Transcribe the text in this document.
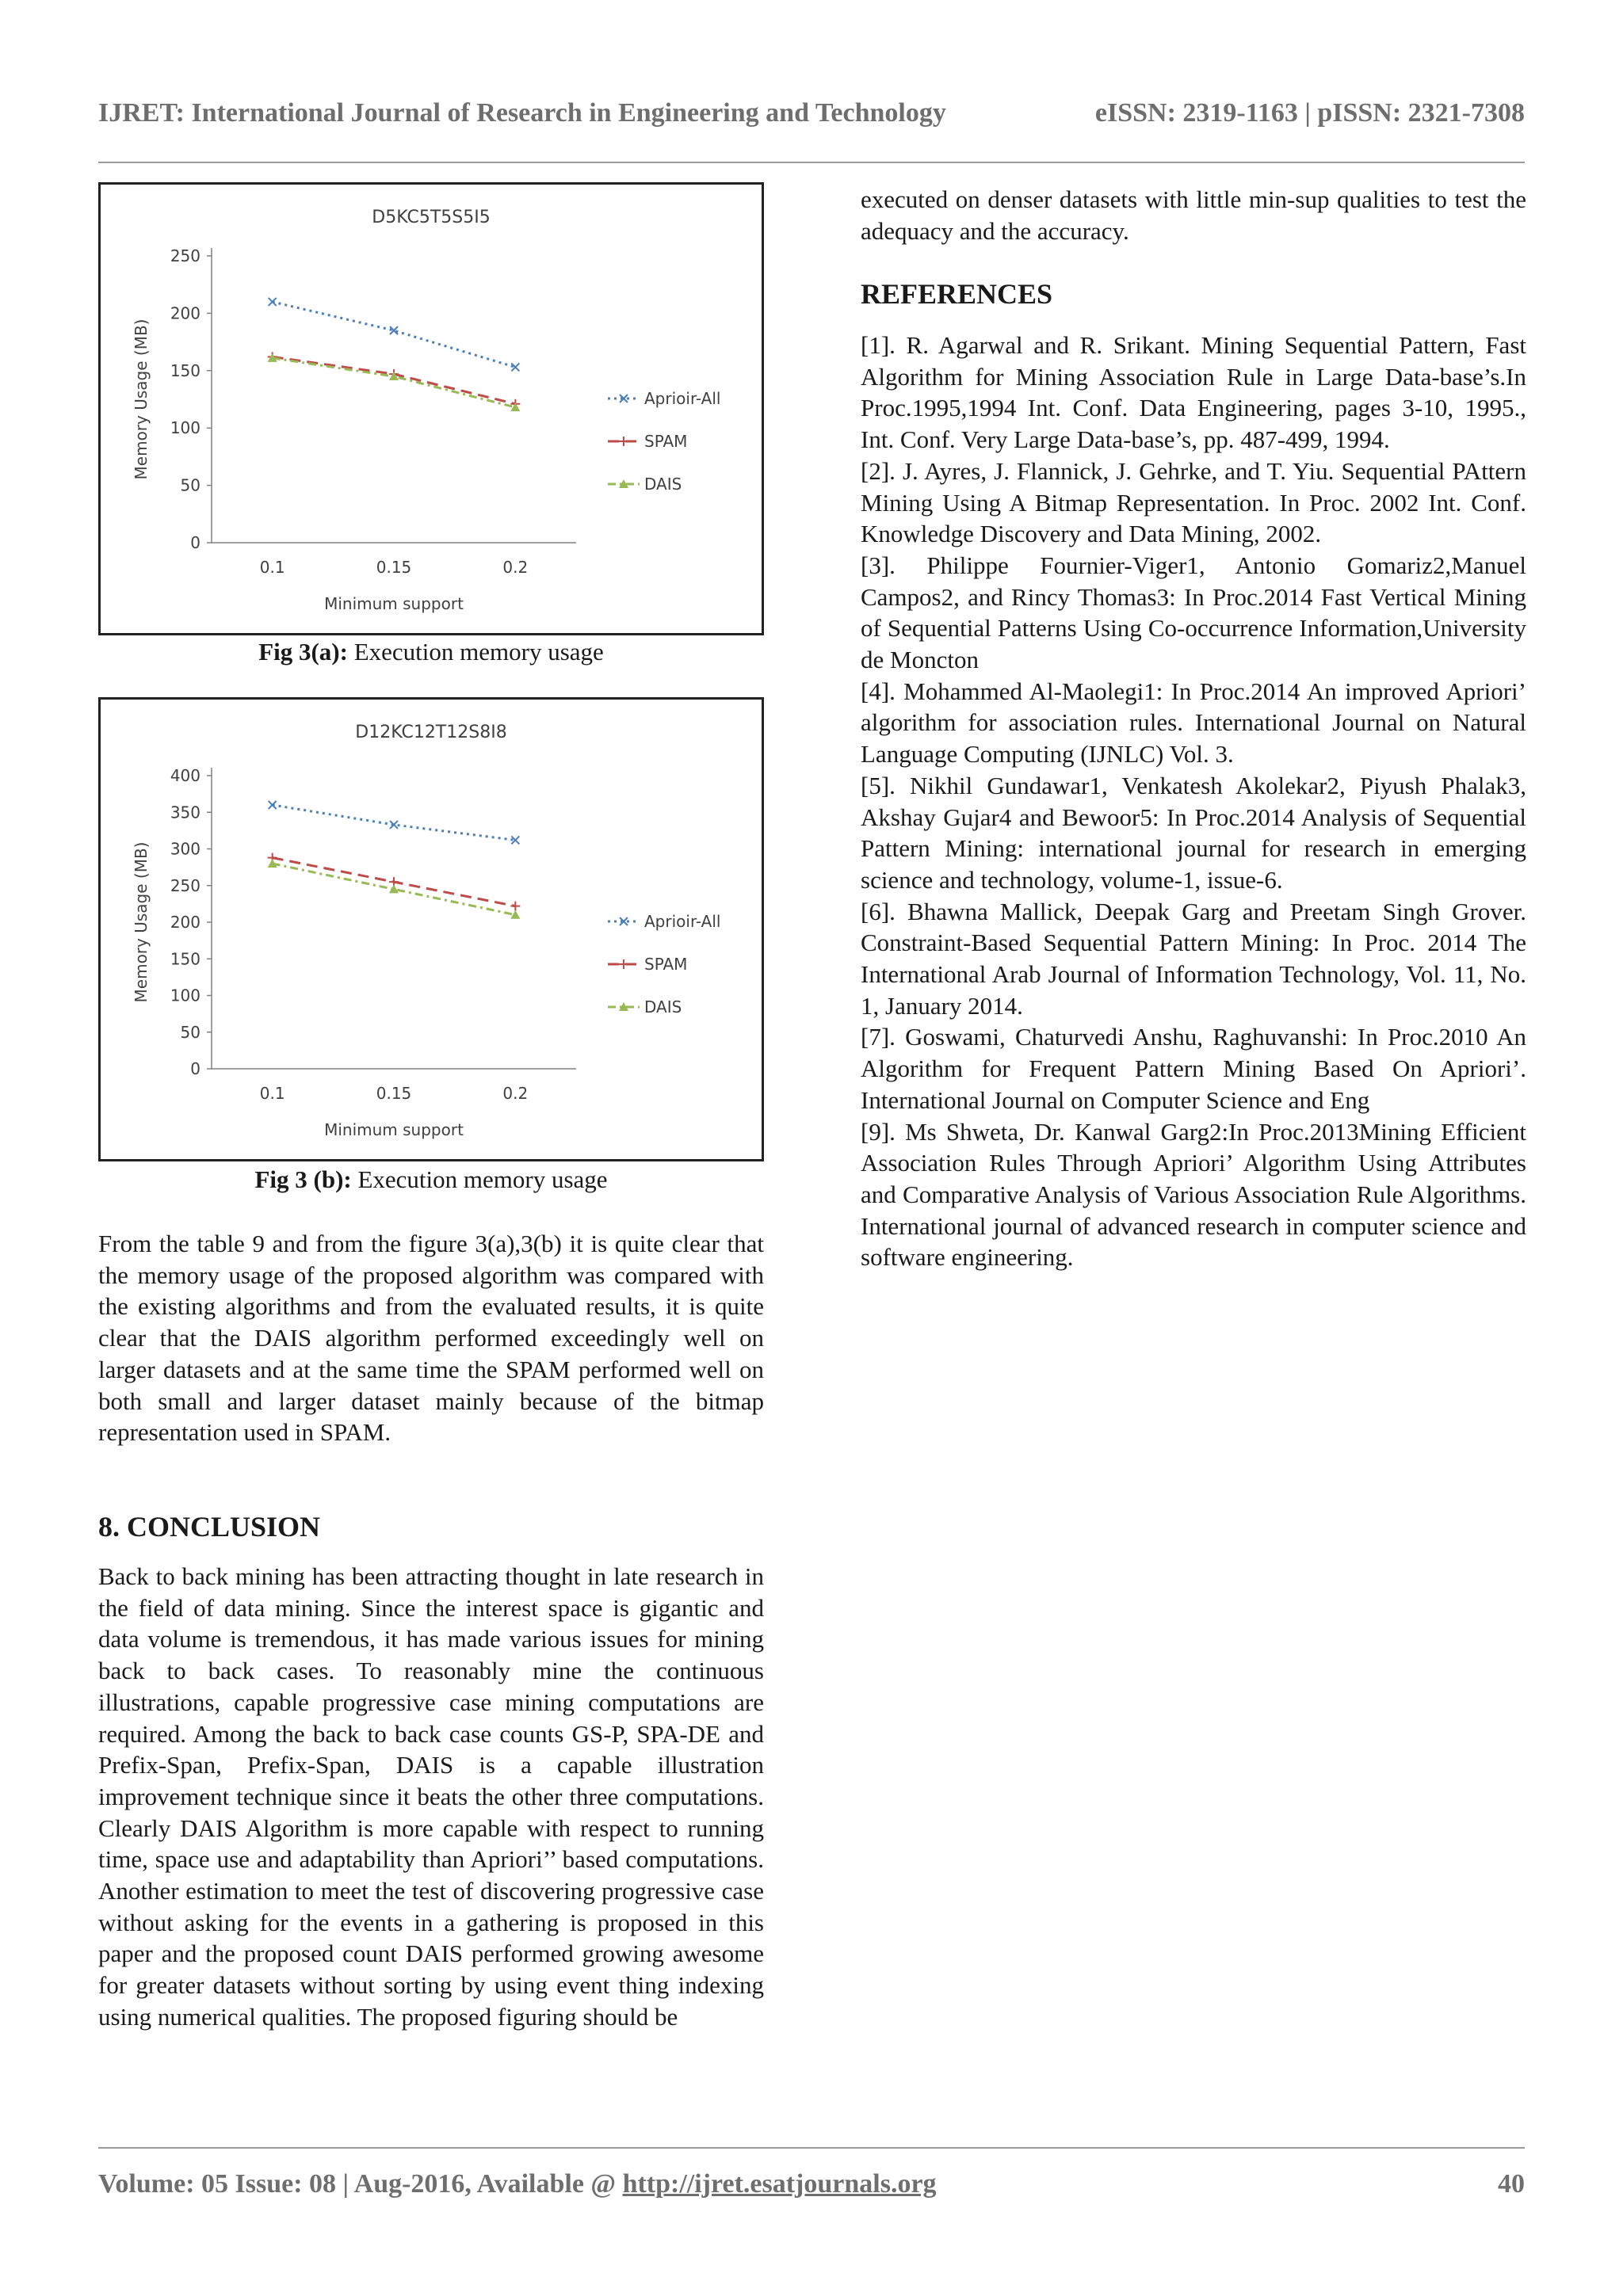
IJRET: International Journal of Research in Engineering and Technology	eISSN: 2319-1163 | pISSN: 2321-7308
D5KC5T5S5I5
0
50
100
150
200
250
0.1	0.15	0.2
Minimum support
Memory Usage (MB)	Aprioir-All
SPAM
DAIS
Fig 3(a): Execution memory usage
D12KC12T12S8I8
0
50
100
150
200
250
300
350
400
0.1	0.15	0.2
Minimum support
Memory Usage (MB)	Aprioir-All
SPAM
DAIS
Fig 3 (b): Execution memory usage

From the table 9 and from the figure 3(a),3(b) it is quite clear that the memory usage of the proposed algorithm was compared with the existing algorithms and from the evaluated results, it is quite clear that the DAIS algorithm performed exceedingly well on larger datasets and at the same time the SPAM performed well on both small and larger dataset mainly because of the bitmap representation used in SPAM.

8. CONCLUSION

Back to back mining has been attracting thought in late research in the field of data mining. Since the interest space is gigantic and data volume is tremendous, it has made various issues for mining back to back cases. To reasonably mine the continuous illustrations, capable progressive case mining computations are required. Among the back to back case counts GS-P, SPA-DE and Prefix-Span, Prefix-Span, DAIS is a capable illustration improvement technique since it beats the other three computations. Clearly DAIS Algorithm is more capable with respect to running time, space use and adaptability than Apriori’’ based computations. Another estimation to meet the test of discovering progressive case without asking for the events in a gathering is proposed in this paper and the proposed count DAIS performed growing awesome for greater datasets without sorting by using event thing indexing using numerical qualities. The proposed figuring should be

executed on denser datasets with little min-sup qualities to test the adequacy and the accuracy.

REFERENCES

[1]. R. Agarwal and R. Srikant. Mining Sequential Pattern, Fast Algorithm for Mining Association Rule in Large Data-base’s.In Proc.1995,1994 Int. Conf. Data Engineering, pages 3-10, 1995., Int. Conf. Very Large Data-base’s, pp. 487-499, 1994.

[2]. J. Ayres, J. Flannick, J. Gehrke, and T. Yiu. Sequential PAttern Mining Using A Bitmap Representation. In Proc. 2002 Int. Conf. Knowledge Discovery and Data Mining, 2002.

[3]. Philippe Fournier-Viger1, Antonio Gomariz2,Manuel Campos2, and Rincy Thomas3: In Proc.2014 Fast Vertical Mining of Sequential Patterns Using Co-occurrence Information,University de Moncton

[4]. Mohammed Al-Maolegi1: In Proc.2014 An improved Apriori’ algorithm for association rules. International Journal on Natural Language Computing (IJNLC) Vol. 3.

[5]. Nikhil Gundawar1, Venkatesh Akolekar2, Piyush Phalak3, Akshay Gujar4 and Bewoor5: In Proc.2014 Analysis of Sequential Pattern Mining: international journal for research in emerging science and technology, volume-1, issue-6.

[6]. Bhawna Mallick, Deepak Garg and Preetam Singh Grover. Constraint-Based Sequential Pattern Mining: In Proc. 2014 The International Arab Journal of Information Technology, Vol. 11, No. 1, January 2014.

[7]. Goswami, Chaturvedi Anshu, Raghuvanshi: In Proc.2010 An Algorithm for Frequent Pattern Mining Based On Apriori’. International Journal on Computer Science and Eng

[9]. Ms Shweta, Dr. Kanwal Garg2:In Proc.2013Mining Efficient Association Rules Through Apriori’ Algorithm Using Attributes and Comparative Analysis of Various Association Rule Algorithms. International journal of advanced research in computer science and software engineering.

Volume: 05 Issue: 08 | Aug-2016, Available @ http://ijret.esatjournals.org	40
